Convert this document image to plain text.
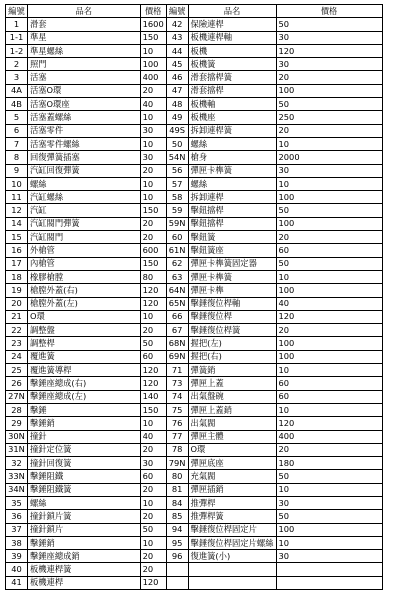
編號	品名	價格	編號	品名	價格
1	滑套	1600	42	保險連桿	50
1-1	準星	150	43	板機連桿軸	30
1-2	準星螺絲	10	44	板機	120
2	照門	100	45	板機簧	30
3	活塞	400	46	滑套擋桿簧	20
4A	活塞O環	20	47	滑套擋桿	100
4B	活塞O環座	40	48	板機軸	50
5	活塞蓋螺絲	10	49	板機座	250
6	活塞零件	30	49S	拆卸連桿簧	20
7	活塞零件螺絲	10	50	螺絲	10
8	回復彈簧插塞	30	54N	槍身	2000
9	汽缸回復彈簧	20	56	彈匣卡榫簧	30
10	螺絲	10	57	螺絲	10
11	汽缸螺絲	10	58	拆卸連桿	100
12	汽缸	150	59	擊鈕擋桿	50
14	汽缸閥門彈簧	20	59N	擊鈕擋桿	100
15	汽缸閥門	20	60	擊鈕簧	20
16	外槍管	600	61N	擊鈕簧座	60
17	內槍管	150	62	彈匣卡榫簧固定器	50
18	橡膠槍膛	80	63	彈匣卡榫簧	10
19	槍膛外蓋(右)	120	64N	彈匣卡榫	100
20	槍膛外蓋(左)	120	65N	擊錘復位桿軸	40
21	O環	10	66	擊錘復位桿	120
22	調整盤	20	67	擊錘復位桿簧	20
23	調整桿	50	68N	握把(左)	100
24	覆進簧	60	69N	握把(右)	100
25	覆進簧導桿	120	71	彈簧銷	10
26	擊錘座總成(右)	120	73	彈匣上蓋	60
27N	擊錘座總成(左)	140	74	出氣盤碗	60
28	擊錘	150	75	彈匣上蓋銷	10
29	擊錘銷	10	76	出氣閥	120
30N	撞針	40	77	彈匣主體	400
31N	撞針定位簧	20	78	O環	20
32	撞針回復簧	30	79N	彈匣底座	180
33N	擊錘阻鐵	60	80	充氣閥	50
34N	擊錘阻鐵簧	20	81	彈匣插銷	10
35	螺絲	10	84	推彈桿	30
36	撞針鎖片簧	20	85	推彈桿簧	50
37	撞針鎖片	50	94	擊錘復位桿固定片	100
38	擊錘銷	10	95	擊錘復位桿固定片螺絲	10
39	擊錘座總成銷	20	96	復進簧(小)	30
40	板機連桿簧	20			
41	板機連桿	120			
